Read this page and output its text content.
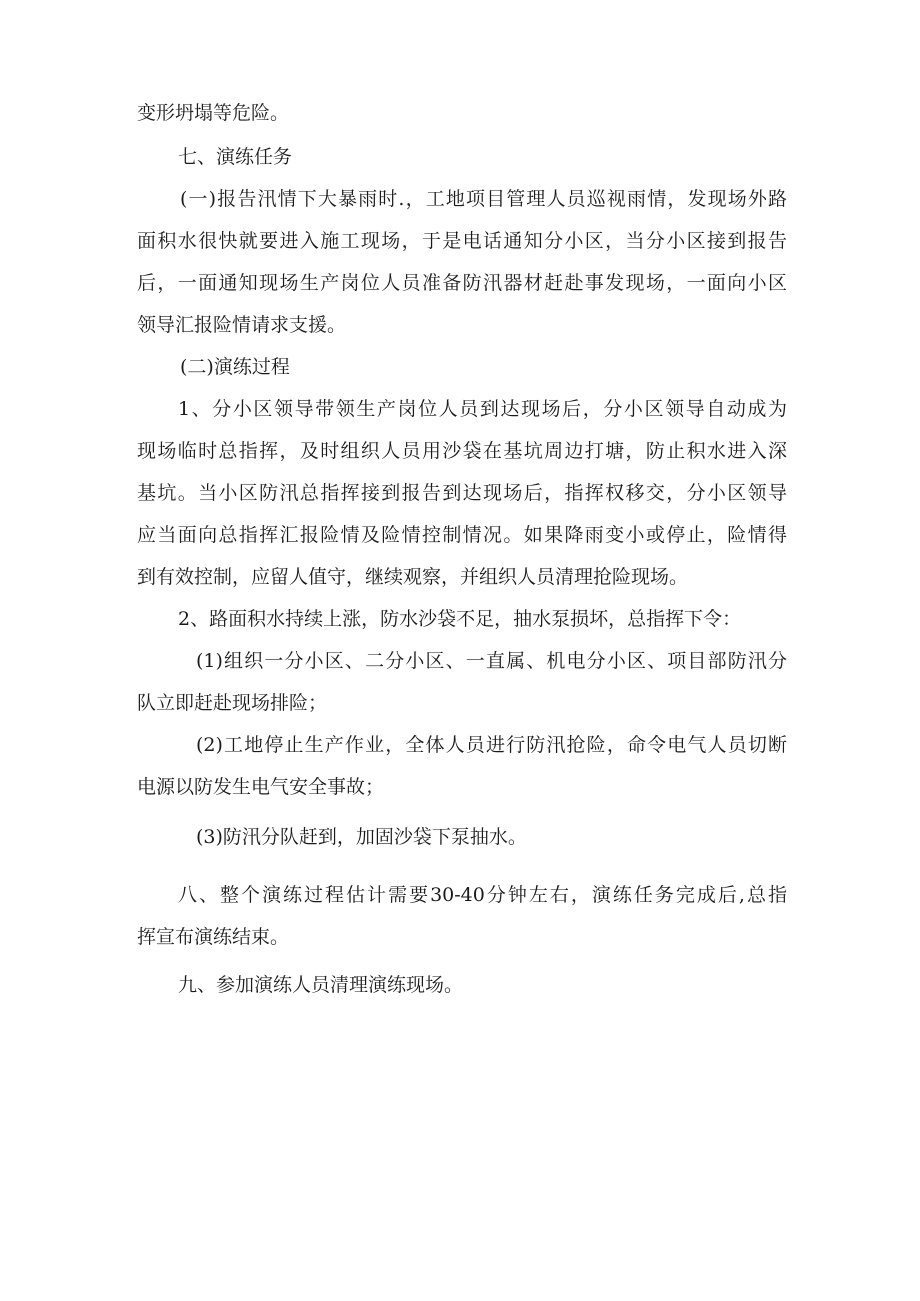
变形坍塌等危险。
七、演练任务
(一)报告汛情下大暴雨时.，工地项目管理人员巡视雨情，发现场外路
面积水很快就要进入施工现场，于是电话通知分小区，当分小区接到报告
后，一面通知现场生产岗位人员准备防汛器材赶赴事发现场，一面向小区
领导汇报险情请求支援。
(二)演练过程
1、分小区领导带领生产岗位人员到达现场后，分小区领导自动成为
现场临时总指挥，及时组织人员用沙袋在基坑周边打塘，防止积水进入深
基坑。当小区防汛总指挥接到报告到达现场后，指挥权移交，分小区领导
应当面向总指挥汇报险情及险情控制情况。如果降雨变小或停止，险情得
到有效控制，应留人值守，继续观察，并组织人员清理抢险现场。
2、路面积水持续上涨，防水沙袋不足，抽水泵损坏，总指挥下令：
(1)组织一分小区、二分小区、一直属、机电分小区、项目部防汛分
队立即赶赴现场排险；
(2)工地停止生产作业，全体人员进行防汛抢险，命令电气人员切断
电源以防发生电气安全事故；
(3)防汛分队赶到，加固沙袋下泵抽水。
八、整个演练过程估计需要30-40分钟左右，演练任务完成后,总指
挥宣布演练结束。
九、参加演练人员清理演练现场。
